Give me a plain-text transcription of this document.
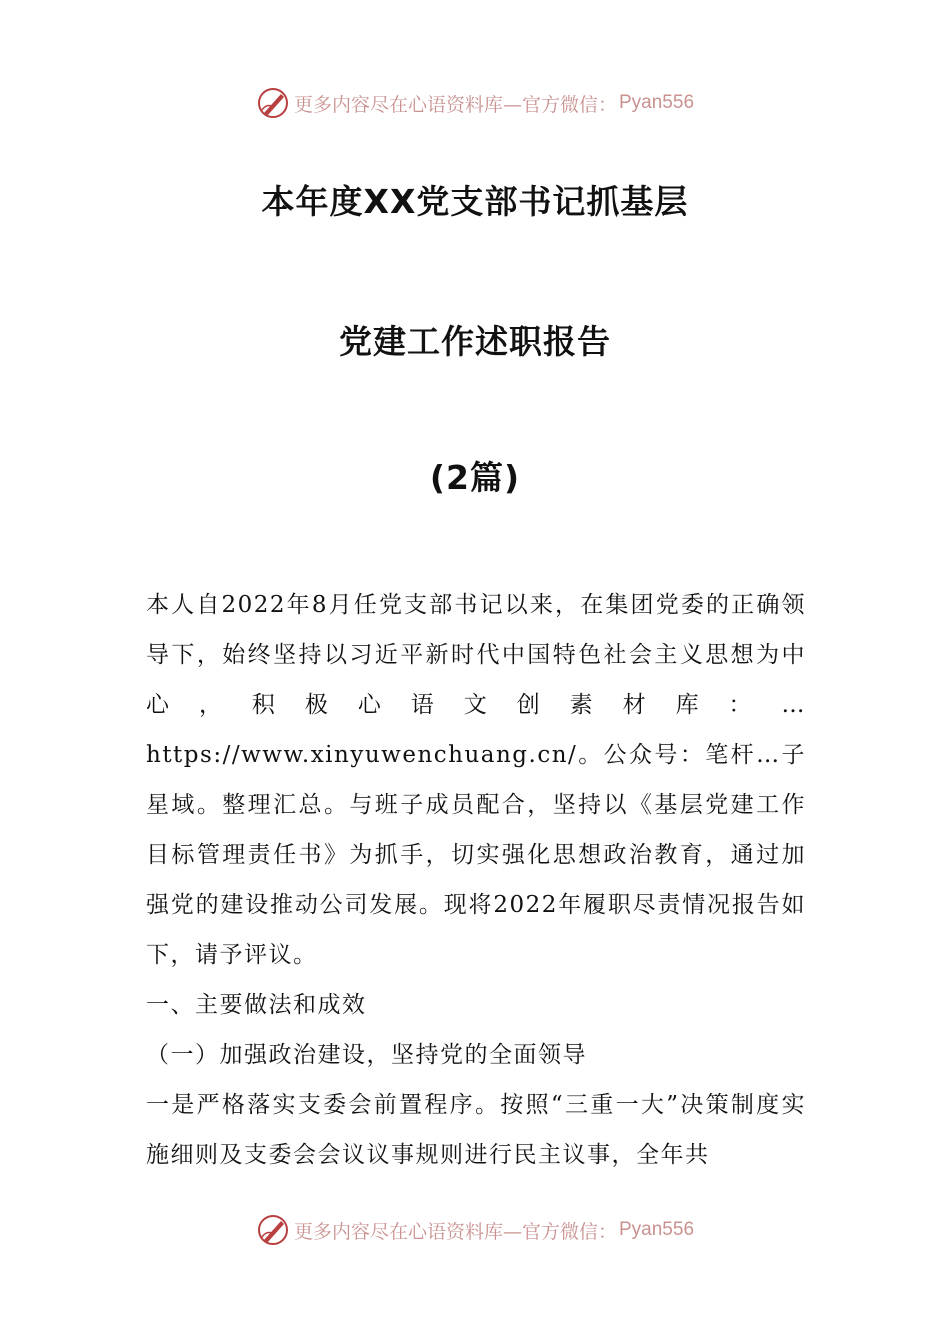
更多内容尽在心语资料库—官方微信： Pyan556
本年度XX党支部书记抓基层
党建工作述职报告
(2篇)
本人自2022年8月任党支部书记以来，在集团党委的正确领导下，始终坚持以习近平新时代中国特色社会主义思想为中心，积极心语文创素材库：…https://www.xinyuwenchuang.cn/。公众号：笔杆…子星域。整理汇总。与班子成员配合，坚持以《基层党建工作目标管理责任书》为抓手，切实强化思想政治教育，通过加强党的建设推动公司发展。现将2022年履职尽责情况报告如下，请予评议。
一、主要做法和成效
（一）加强政治建设，坚持党的全面领导
一是严格落实支委会前置程序。按照“三重一大”决策制度实施细则及支委会会议议事规则进行民主议事，全年共
更多内容尽在心语资料库—官方微信： Pyan556
